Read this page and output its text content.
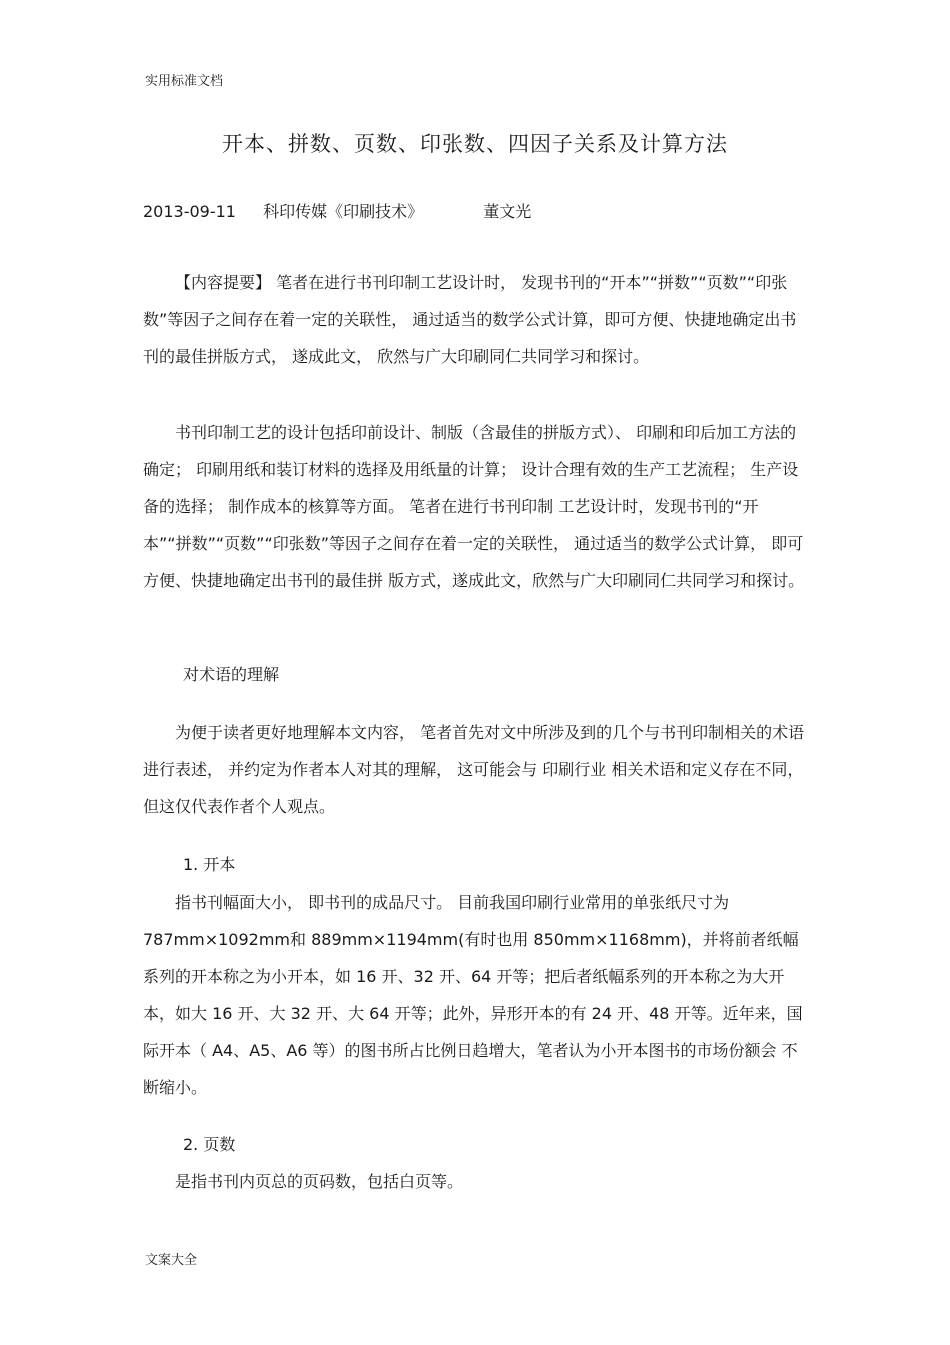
实用标准文档
开本、拼数、页数、印张数、四因子关系及计算方法
2013-09-11 科印传媒《印刷技术》	董文光

【内容提要】 笔者在进行书刊印制工艺设计时， 发现书刊的“开本”“拼数”“页数”“印张数”等因子之间存在着一定的关联性， 通过适当的数学公式计算，即可方便、快捷地确定出书刊的最佳拼版方式， 遂成此文， 欣然与广大印刷同仁共同学习和探讨。

书刊印制工艺的设计包括印前设计、制版（含最佳的拼版方式）、 印刷和印后加工方法的确定； 印刷用纸和装订材料的选择及用纸量的计算； 设计合理有效的生产工艺流程； 生产设备的选择； 制作成本的核算等方面。 笔者在进行书刊印制 工艺设计时，发现书刊的“开本”“拼数”“页数”“印张数”等因子之间存在着一定的关联性， 通过适当的数学公式计算， 即可方便、快捷地确定出书刊的最佳拼 版方式，遂成此文，欣然与广大印刷同仁共同学习和探讨。

对术语的理解

为便于读者更好地理解本文内容， 笔者首先对文中所涉及到的几个与书刊印制相关的术语进行表述， 并约定为作者本人对其的理解， 这可能会与 印刷行业 相关术语和定义存在不同，但这仅代表作者个人观点。

1. 开本

指书刊幅面大小， 即书刊的成品尺寸。 目前我国印刷行业常用的单张纸尺寸为 787mm×1092mm和 889mm×1194mm(有时也用 850mm×1168mm)，并将前者纸幅系列的开本称之为小开本，如 16 开、32 开、64 开等；把后者纸幅系列的开本称之为大开本，如大 16 开、大 32 开、大 64 开等；此外，异形开本的有 24 开、48 开等。近年来，国际开本（ A4、A5、A6 等）的图书所占比例日趋增大，笔者认为小开本图书的市场份额会 不断缩小。

2. 页数

是指书刊内页总的页码数，包括白页等。

文案大全
